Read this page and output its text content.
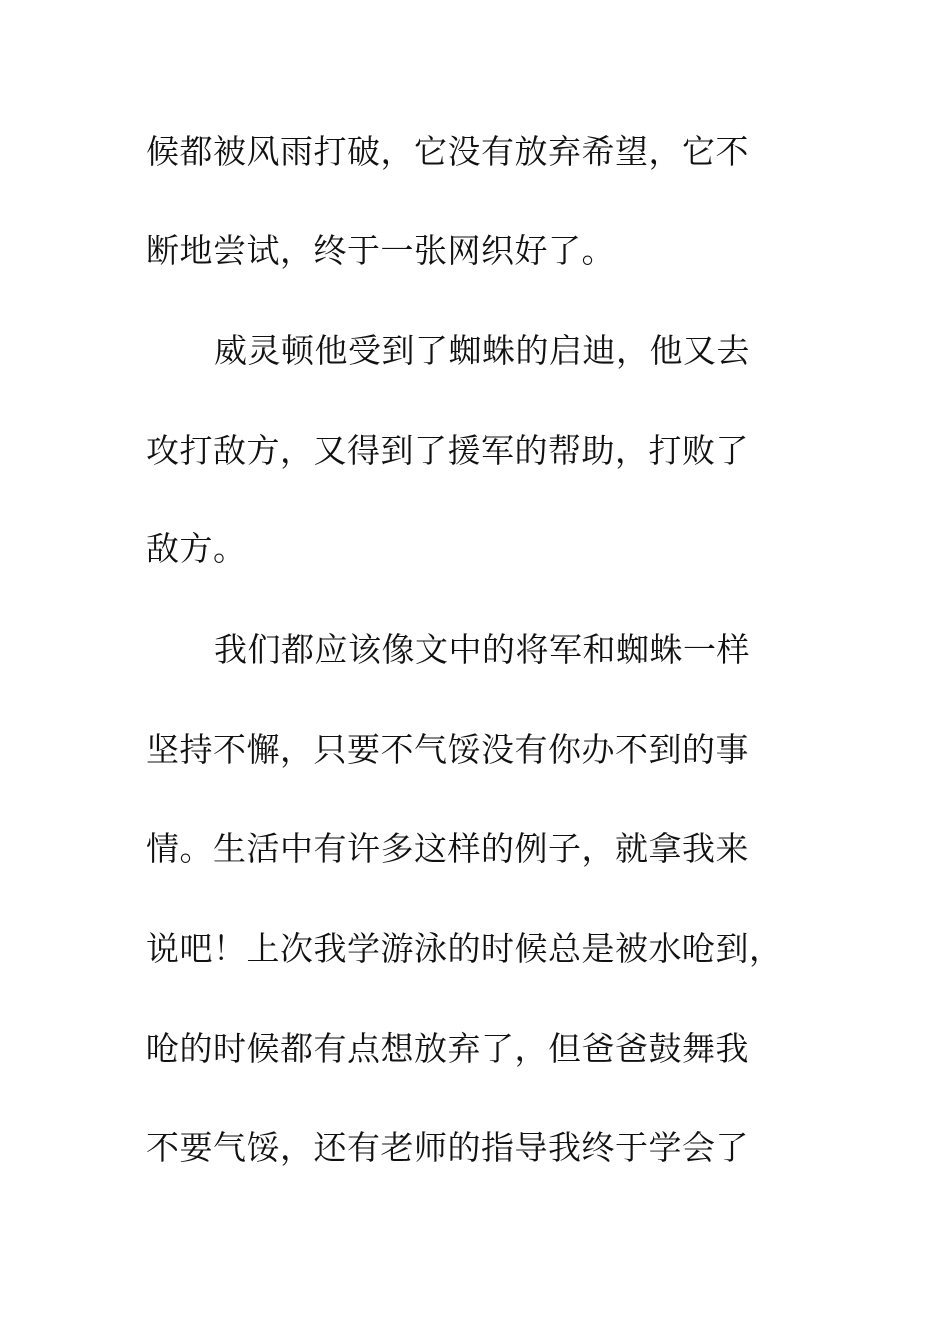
候都被风雨打破，它没有放弃希望，它不
断地尝试，终于一张网织好了。
威灵顿他受到了蜘蛛的启迪，他又去
攻打敌方，又得到了援军的帮助，打败了
敌方。
我们都应该像文中的将军和蜘蛛一样
坚持不懈，只要不气馁没有你办不到的事
情。生活中有许多这样的例子，就拿我来
说吧！上次我学游泳的时候总是被水呛到，
呛的时候都有点想放弃了，但爸爸鼓舞我
不要气馁，还有老师的指导我终于学会了
